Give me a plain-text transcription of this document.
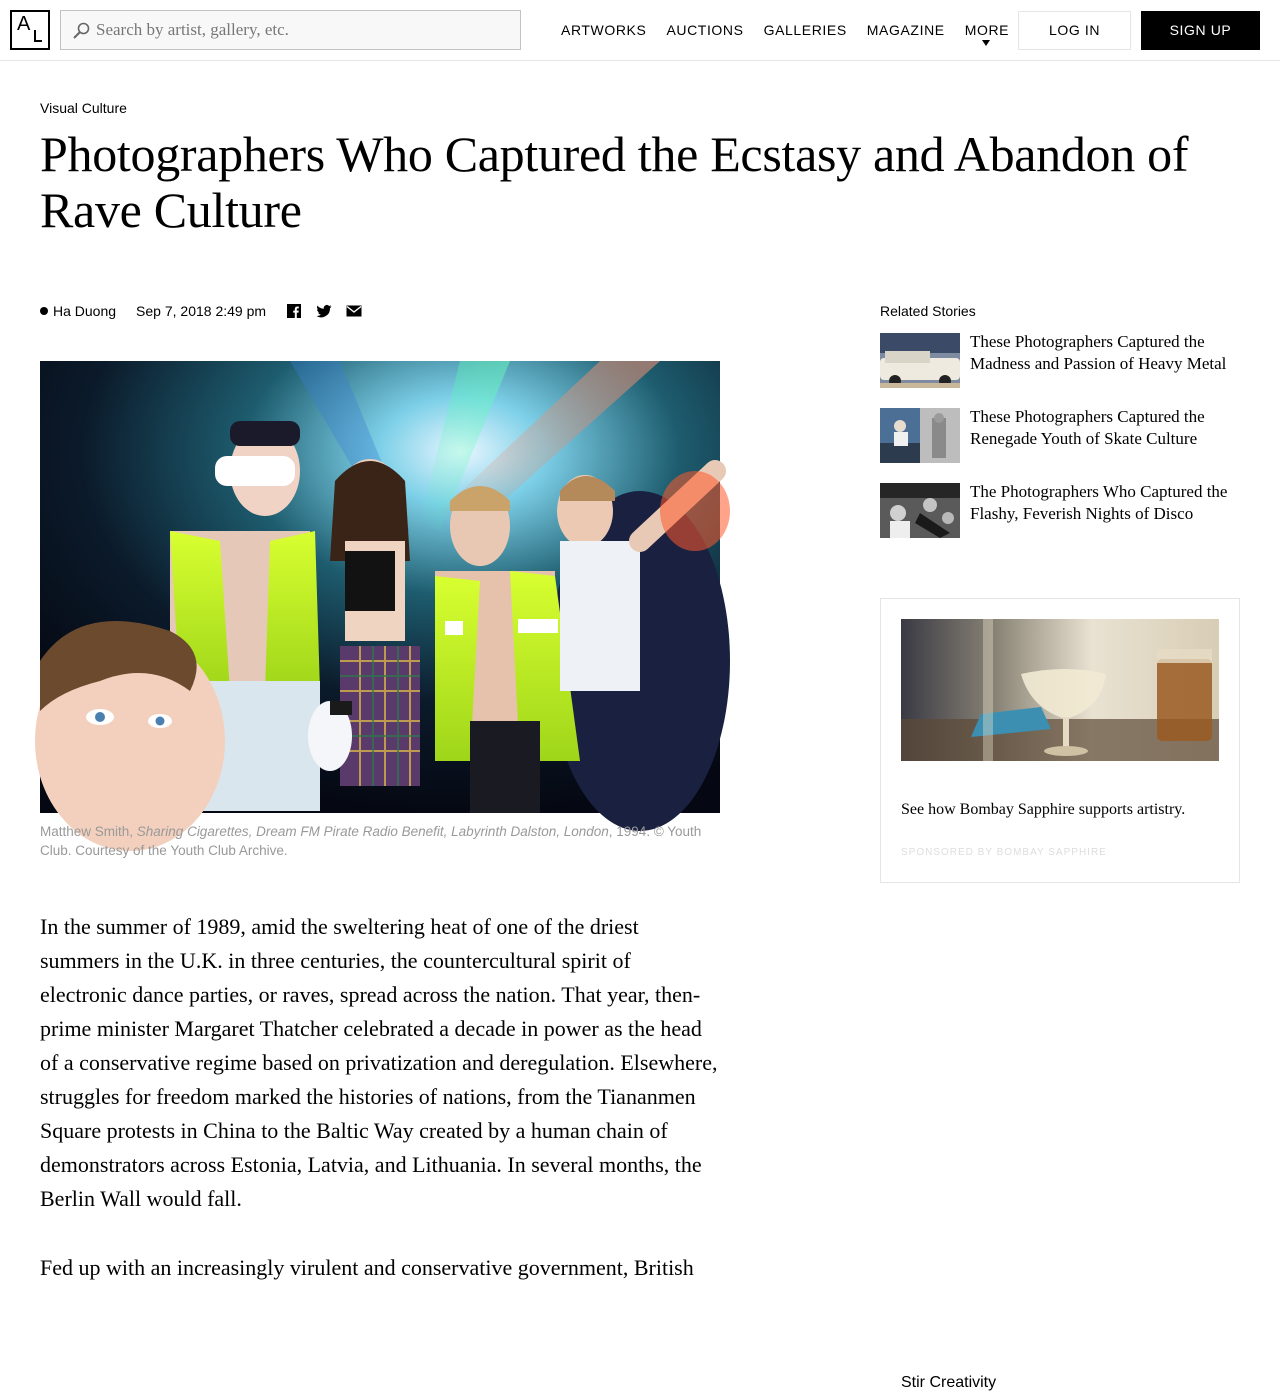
A
Search by artist, gallery, etc.	ARTWORKS AUCTIONS GALLERIES MAGAZINE MORE	LOG IN	SIGN UP
Visual Culture
Photographers Who Captured the Ecstasy and Abandon of Rave Culture
Ha Duong Sep 7, 2018 2:49 pm
Matthew Smith, Sharing Cigarettes, Dream FM Pirate Radio Benefit, Labyrinth Dalston, London, 1994. © Youth Club. Courtesy of the Youth Club Archive.

In the summer of 1989, amid the sweltering heat of one of the driest summers in the U.K. in three centuries, the countercultural spirit of electronic dance parties, or raves, spread across the nation. That year, then-prime minister Margaret Thatcher celebrated a decade in power as the head of a conservative regime based on privatization and deregulation. Elsewhere, struggles for freedom marked the histories of nations, from the Tiananmen Square protests in China to the Baltic Way created by a human chain of demonstrators across Estonia, Latvia, and Lithuania. In several months, the Berlin Wall would fall.

Fed up with an increasingly virulent and conservative government, British

Related Stories
These Photographers Captured the Madness and Passion of Heavy Metal
These Photographers Captured the Renegade Youth of Skate Culture
The Photographers Who Captured the Flashy, Feverish Nights of Disco
Stir Creativity
See how Bombay Sapphire supports artistry.
SPONSORED BY BOMBAY SAPPHIRE
